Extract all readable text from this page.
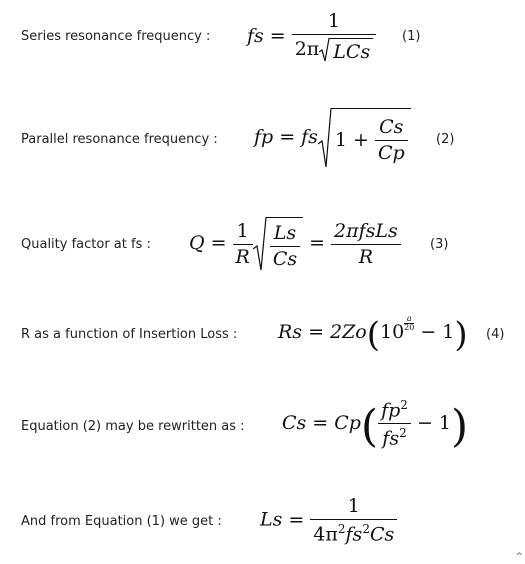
Series resonance frequency : fs = $\frac{1}{\text{2π LCs}} (1)$
Parallel resonance frequency : fp = fs $1 + \frac{Cs}{Cp} (2)$
Quality factor at fs : $Q = \frac{1}{R} \frac{Ls}{Cs} = \frac{\text{2πfsLs}}{R} (3)$
R as a function of Insertion Loss : $Rs = 2Zo(10 \frac{a}{20} - 1)$ (4)
Equation (2) may be rewritten as : $Cs = Cp( \frac{fp^2}{fs^2} - 1)$
And from Equation (1) we get : $Ls = \frac{1}{4\pi^2fs^2Cs}$
^
